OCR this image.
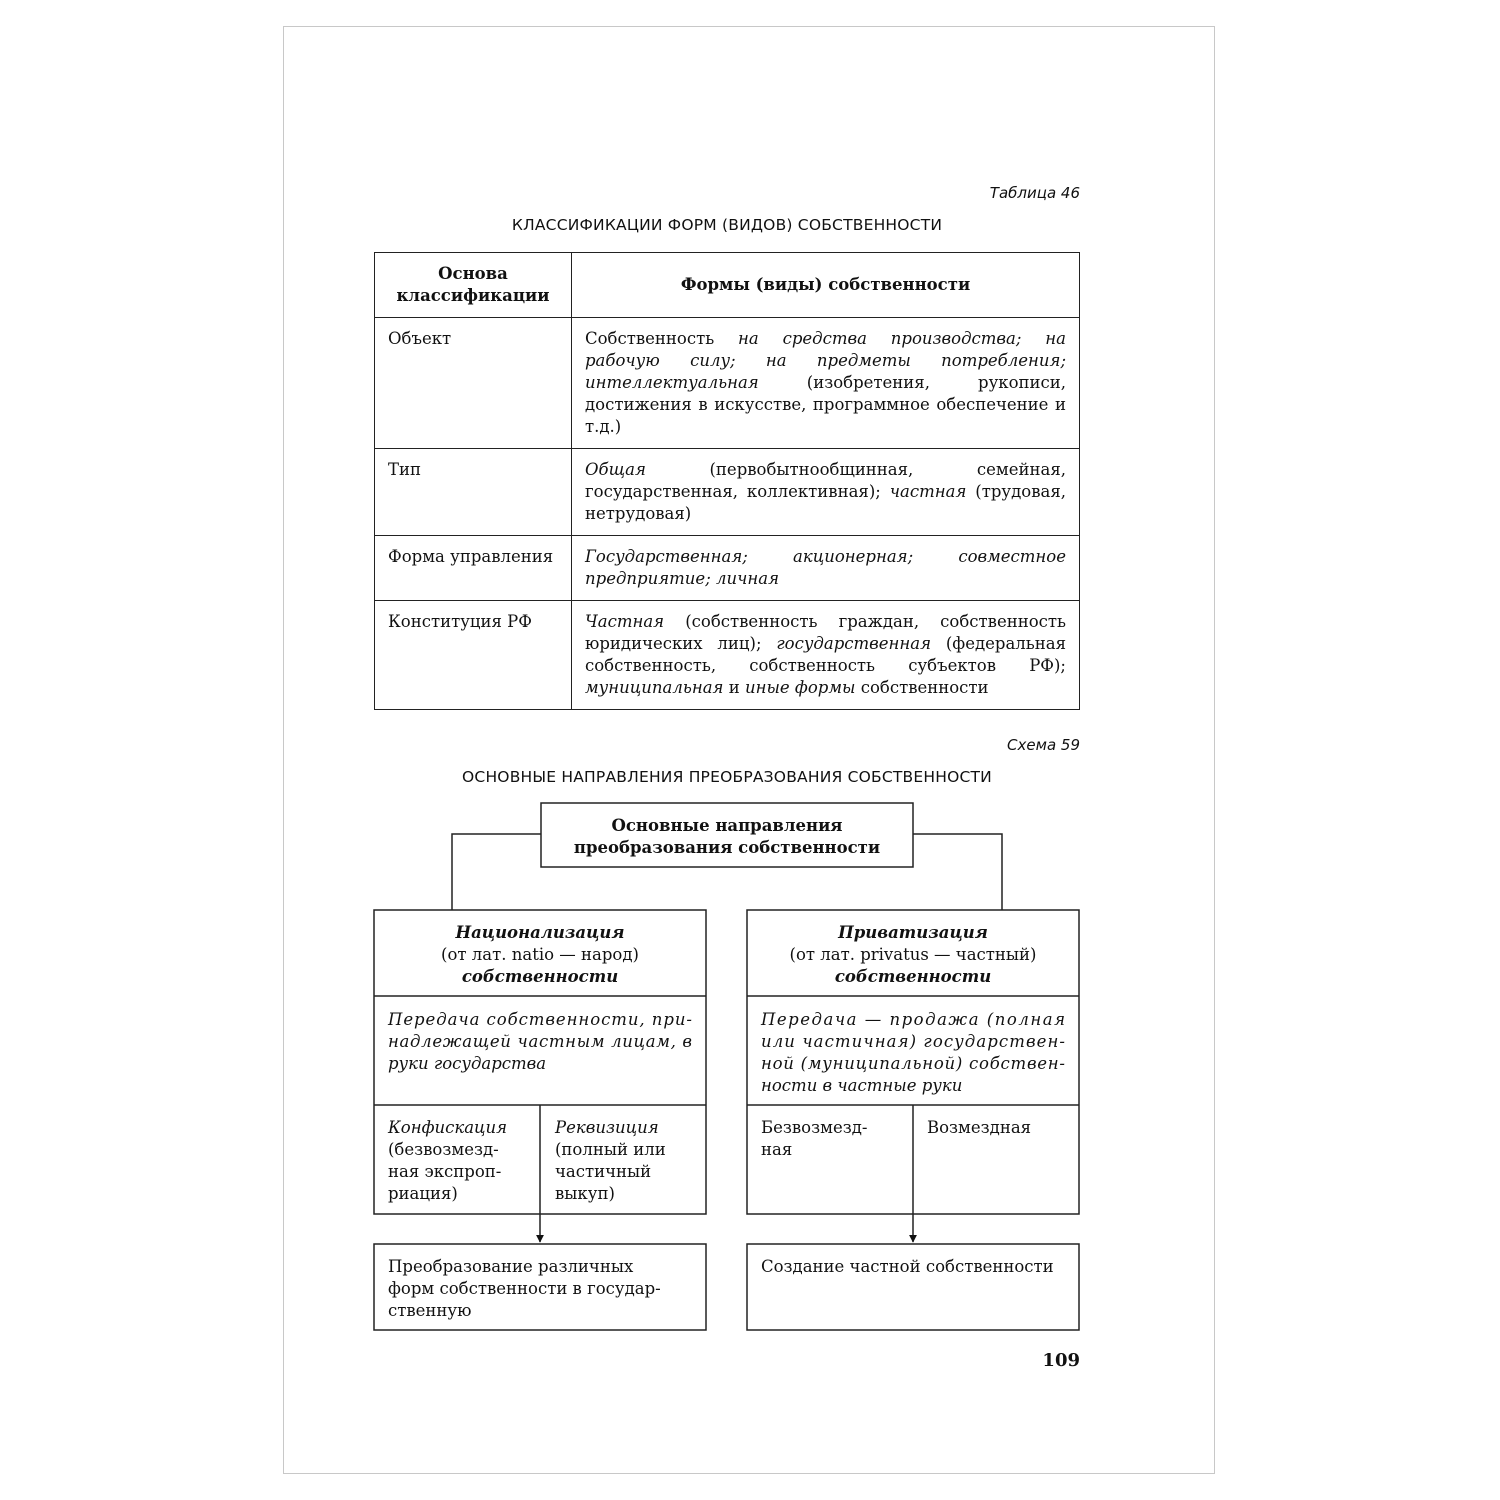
Таблица 46
КЛАССИФИКАЦИИ ФОРМ (ВИДОВ) СОБСТВЕННОСТИ
Основа классификации	Формы (виды) собственности
Объект	Собственность на средства производства; на рабочую силу; на предметы потребления; интеллектуальная (изобретения, рукописи, достижения в искусстве, программное обеспечение и т.д.)
Тип	Общая (первобытнообщинная, семейная, государственная, коллективная); частная (трудовая, нетрудовая)
Форма управления	Государственная; акционерная; совместное предприятие; личная
Конституция РФ	Частная (собственность граждан, собственность юридических лиц); государственная (федеральная собственность, собственность субъектов РФ); муниципальная и иные формы собственности
Схема 59
ОСНОВНЫЕ НАПРАВЛЕНИЯ ПРЕОБРАЗОВАНИЯ СОБСТВЕННОСТИ
Основные направления
преобразования собственности
Национализация
(от лат. natio — народ)
собственности
Передача собственности, при-
надлежащей частным лицам, в
руки государства
Конфискация
(безвозмезд-
ная экспроп-
риация)
Реквизиция
(полный или
частичный
выкуп)
Преобразование различных
форм собственности в государ-
ственную
Приватизация
(от лат. privatus — частный)
собственности
Передача — продажа (полная
или частичная) государствен-
ной (муниципальной) собствен-
ности в частные руки
Безвозмезд-
ная
Возмездная
Создание частной собственности
109
